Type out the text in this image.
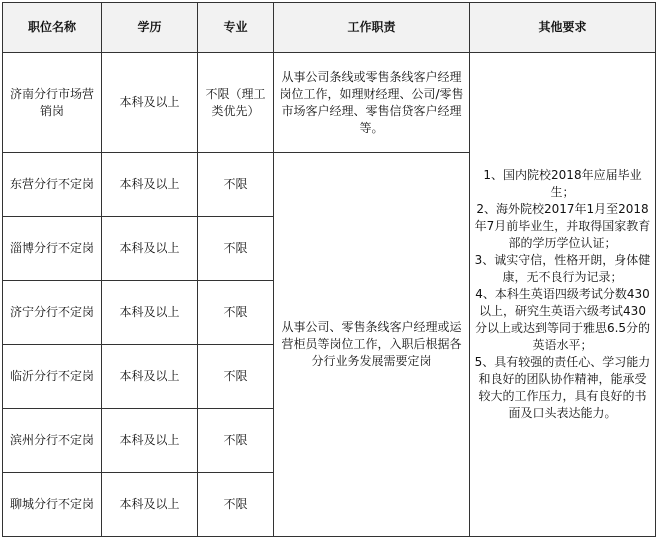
职位名称	学历	专业	工作职责	其他要求
济南分行市场营销岗	本科及以上	不限（理工类优先）	从事公司条线或零售条线客户经理岗位工作，如理财经理、公司/零售市场客户经理、零售信贷客户经理等。	1、国内院校2018年应届毕业生；

2、海外院校2017年1月至2018年7月前毕业生，并取得国家教育部的学历学位认证；

3、诚实守信，性格开朗，身体健康，无不良行为记录；

4、本科生英语四级考试分数430以上，研究生英语六级考试430分以上或达到等同于雅思6.5分的英语水平；

5、具有较强的责任心、学习能力和良好的团队协作精神，能承受较大的工作压力，具有良好的书面及口头表达能力。

东营分行不定岗	本科及以上	不限	从事公司、零售条线客户经理或运营柜员等岗位工作，入职后根据各分行业务发展需要定岗	
淄博分行不定岗	本科及以上	不限		
济宁分行不定岗	本科及以上	不限		
临沂分行不定岗	本科及以上	不限		
滨州分行不定岗	本科及以上	不限		
聊城分行不定岗	本科及以上	不限		
